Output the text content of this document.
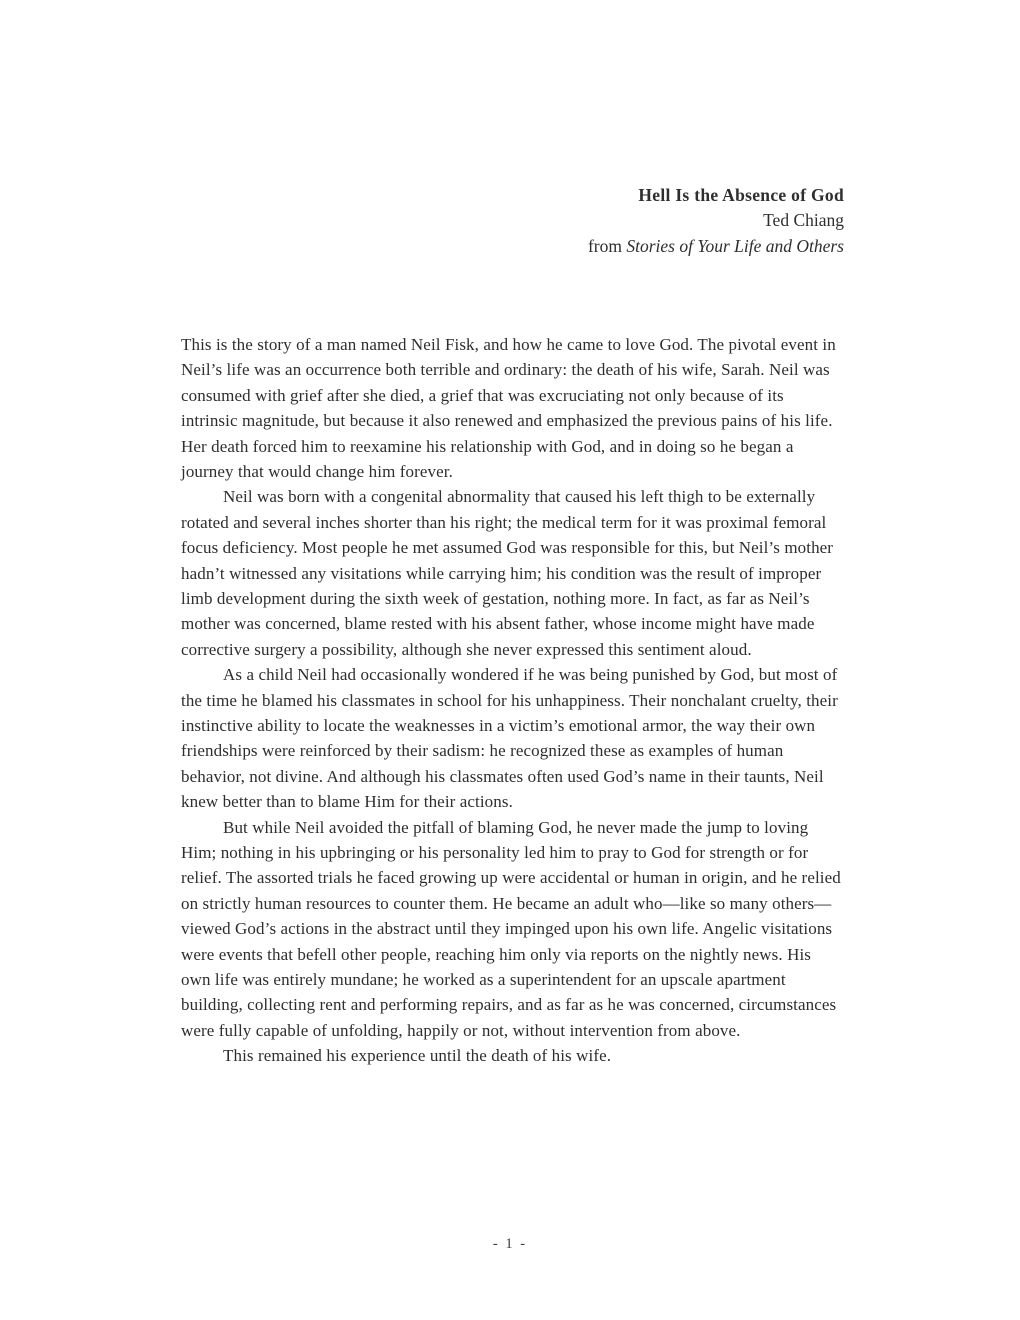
Hell Is the Absence of God
Ted Chiang
from Stories of Your Life and Others

This is the story of a man named Neil Fisk, and how he came to love God. The pivotal event in Neil’s life was an occurrence both terrible and ordinary: the death of his wife, Sarah. Neil was consumed with grief after she died, a grief that was excruciating not only because of its intrinsic magnitude, but because it also renewed and emphasized the previous pains of his life. Her death forced him to reexamine his relationship with God, and in doing so he began a journey that would change him forever.

Neil was born with a congenital abnormality that caused his left thigh to be externally rotated and several inches shorter than his right; the medical term for it was proximal femoral focus deficiency. Most people he met assumed God was responsible for this, but Neil’s mother hadn’t witnessed any visitations while carrying him; his condition was the result of improper limb development during the sixth week of gestation, nothing more. In fact, as far as Neil’s mother was concerned, blame rested with his absent father, whose income might have made corrective surgery a possibility, although she never expressed this sentiment aloud.

As a child Neil had occasionally wondered if he was being punished by God, but most of the time he blamed his classmates in school for his unhappiness. Their nonchalant cruelty, their instinctive ability to locate the weaknesses in a victim’s emotional armor, the way their own friendships were reinforced by their sadism: he recognized these as examples of human behavior, not divine. And although his classmates often used God’s name in their taunts, Neil knew better than to blame Him for their actions.

But while Neil avoided the pitfall of blaming God, he never made the jump to loving Him; nothing in his upbringing or his personality led him to pray to God for strength or for relief. The assorted trials he faced growing up were accidental or human in origin, and he relied on strictly human resources to counter them. He became an adult who—like so many others—viewed God’s actions in the abstract until they impinged upon his own life. Angelic visitations were events that befell other people, reaching him only via reports on the nightly news. His own life was entirely mundane; he worked as a superintendent for an upscale apartment building, collecting rent and performing repairs, and as far as he was concerned, circumstances were fully capable of unfolding, happily or not, without intervention from above.

This remained his experience until the death of his wife.

- 1 -
